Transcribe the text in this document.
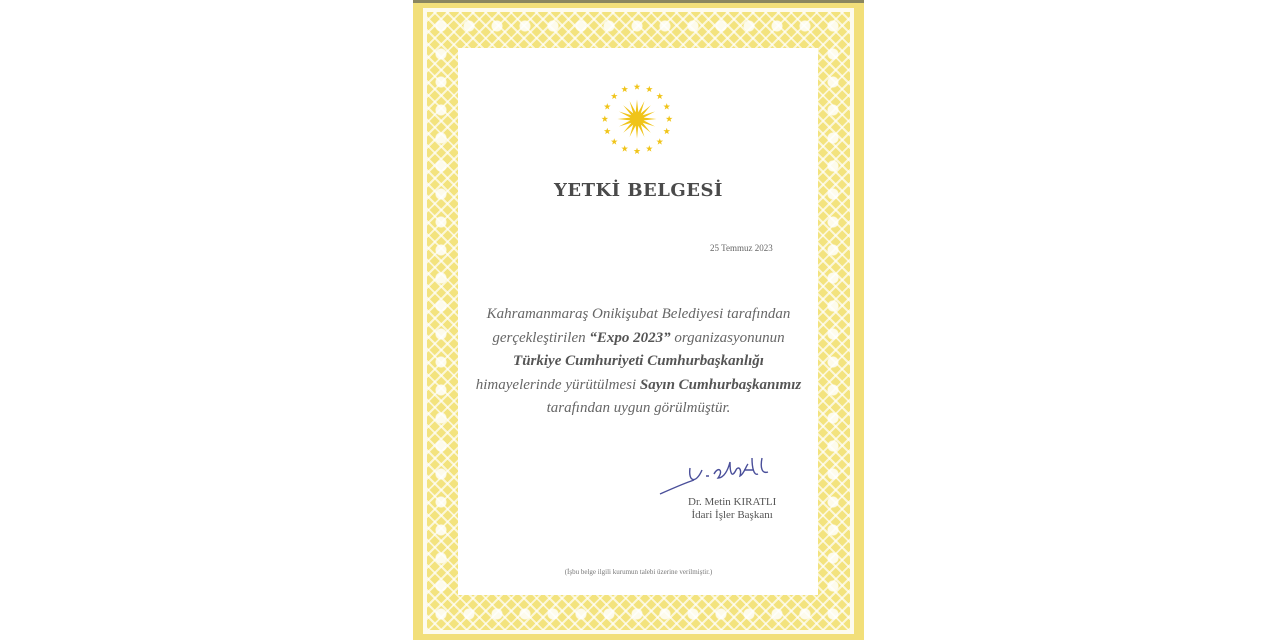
YETKİ BELGESİ
25 Temmuz 2023
Kahramanmaraş Onikişubat Belediyesi tarafından
gerçekleştirilen “Expo 2023” organizasyonunun
Türkiye Cumhuriyeti Cumhurbaşkanlığı
himayelerinde yürütülmesi Sayın Cumhurbaşkanımız
tarafından uygun görülmüştür.
Dr. Metin KIRATLI
İdari İşler Başkanı
(İşbu belge ilgili kurumun talebi üzerine verilmiştir.)
